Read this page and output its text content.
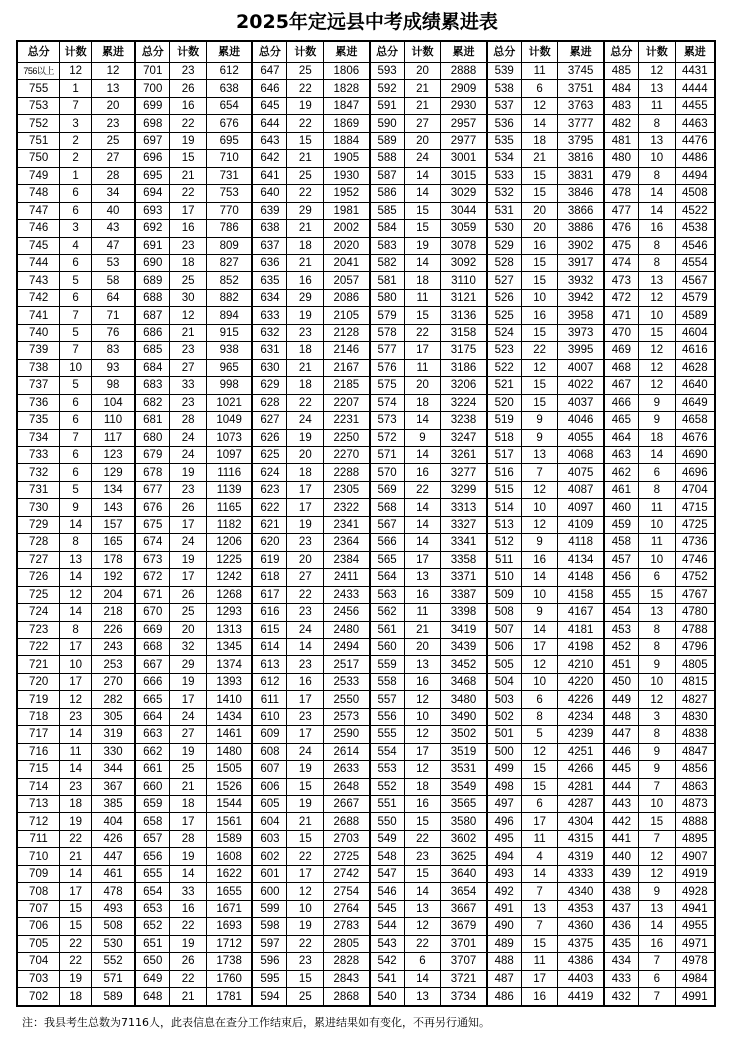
2025年定远县中考成绩累进表
总分	计数	累进	总分	计数	累进	总分	计数	累进	总分	计数	累进	总分	计数	累进	总分	计数	累进
756以上	12	12	701	23	612	647	25	1806	593	20	2888	539	11	3745	485	12	4431
755	1	13	700	26	638	646	22	1828	592	21	2909	538	6	3751	484	13	4444
753	7	20	699	16	654	645	19	1847	591	21	2930	537	12	3763	483	11	4455
752	3	23	698	22	676	644	22	1869	590	27	2957	536	14	3777	482	8	4463
751	2	25	697	19	695	643	15	1884	589	20	2977	535	18	3795	481	13	4476
750	2	27	696	15	710	642	21	1905	588	24	3001	534	21	3816	480	10	4486
749	1	28	695	21	731	641	25	1930	587	14	3015	533	15	3831	479	8	4494
748	6	34	694	22	753	640	22	1952	586	14	3029	532	15	3846	478	14	4508
747	6	40	693	17	770	639	29	1981	585	15	3044	531	20	3866	477	14	4522
746	3	43	692	16	786	638	21	2002	584	15	3059	530	20	3886	476	16	4538
745	4	47	691	23	809	637	18	2020	583	19	3078	529	16	3902	475	8	4546
744	6	53	690	18	827	636	21	2041	582	14	3092	528	15	3917	474	8	4554
743	5	58	689	25	852	635	16	2057	581	18	3110	527	15	3932	473	13	4567
742	6	64	688	30	882	634	29	2086	580	11	3121	526	10	3942	472	12	4579
741	7	71	687	12	894	633	19	2105	579	15	3136	525	16	3958	471	10	4589
740	5	76	686	21	915	632	23	2128	578	22	3158	524	15	3973	470	15	4604
739	7	83	685	23	938	631	18	2146	577	17	3175	523	22	3995	469	12	4616
738	10	93	684	27	965	630	21	2167	576	11	3186	522	12	4007	468	12	4628
737	5	98	683	33	998	629	18	2185	575	20	3206	521	15	4022	467	12	4640
736	6	104	682	23	1021	628	22	2207	574	18	3224	520	15	4037	466	9	4649
735	6	110	681	28	1049	627	24	2231	573	14	3238	519	9	4046	465	9	4658
734	7	117	680	24	1073	626	19	2250	572	9	3247	518	9	4055	464	18	4676
733	6	123	679	24	1097	625	20	2270	571	14	3261	517	13	4068	463	14	4690
732	6	129	678	19	1116	624	18	2288	570	16	3277	516	7	4075	462	6	4696
731	5	134	677	23	1139	623	17	2305	569	22	3299	515	12	4087	461	8	4704
730	9	143	676	26	1165	622	17	2322	568	14	3313	514	10	4097	460	11	4715
729	14	157	675	17	1182	621	19	2341	567	14	3327	513	12	4109	459	10	4725
728	8	165	674	24	1206	620	23	2364	566	14	3341	512	9	4118	458	11	4736
727	13	178	673	19	1225	619	20	2384	565	17	3358	511	16	4134	457	10	4746
726	14	192	672	17	1242	618	27	2411	564	13	3371	510	14	4148	456	6	4752
725	12	204	671	26	1268	617	22	2433	563	16	3387	509	10	4158	455	15	4767
724	14	218	670	25	1293	616	23	2456	562	11	3398	508	9	4167	454	13	4780
723	8	226	669	20	1313	615	24	2480	561	21	3419	507	14	4181	453	8	4788
722	17	243	668	32	1345	614	14	2494	560	20	3439	506	17	4198	452	8	4796
721	10	253	667	29	1374	613	23	2517	559	13	3452	505	12	4210	451	9	4805
720	17	270	666	19	1393	612	16	2533	558	16	3468	504	10	4220	450	10	4815
719	12	282	665	17	1410	611	17	2550	557	12	3480	503	6	4226	449	12	4827
718	23	305	664	24	1434	610	23	2573	556	10	3490	502	8	4234	448	3	4830
717	14	319	663	27	1461	609	17	2590	555	12	3502	501	5	4239	447	8	4838
716	11	330	662	19	1480	608	24	2614	554	17	3519	500	12	4251	446	9	4847
715	14	344	661	25	1505	607	19	2633	553	12	3531	499	15	4266	445	9	4856
714	23	367	660	21	1526	606	15	2648	552	18	3549	498	15	4281	444	7	4863
713	18	385	659	18	1544	605	19	2667	551	16	3565	497	6	4287	443	10	4873
712	19	404	658	17	1561	604	21	2688	550	15	3580	496	17	4304	442	15	4888
711	22	426	657	28	1589	603	15	2703	549	22	3602	495	11	4315	441	7	4895
710	21	447	656	19	1608	602	22	2725	548	23	3625	494	4	4319	440	12	4907
709	14	461	655	14	1622	601	17	2742	547	15	3640	493	14	4333	439	12	4919
708	17	478	654	33	1655	600	12	2754	546	14	3654	492	7	4340	438	9	4928
707	15	493	653	16	1671	599	10	2764	545	13	3667	491	13	4353	437	13	4941
706	15	508	652	22	1693	598	19	2783	544	12	3679	490	7	4360	436	14	4955
705	22	530	651	19	1712	597	22	2805	543	22	3701	489	15	4375	435	16	4971
704	22	552	650	26	1738	596	23	2828	542	6	3707	488	11	4386	434	7	4978
703	19	571	649	22	1760	595	15	2843	541	14	3721	487	17	4403	433	6	4984
702	18	589	648	21	1781	594	25	2868	540	13	3734	486	16	4419	432	7	4991
注：我县考生总数为7116人，此表信息在查分工作结束后，累进结果如有变化，不再另行通知。
